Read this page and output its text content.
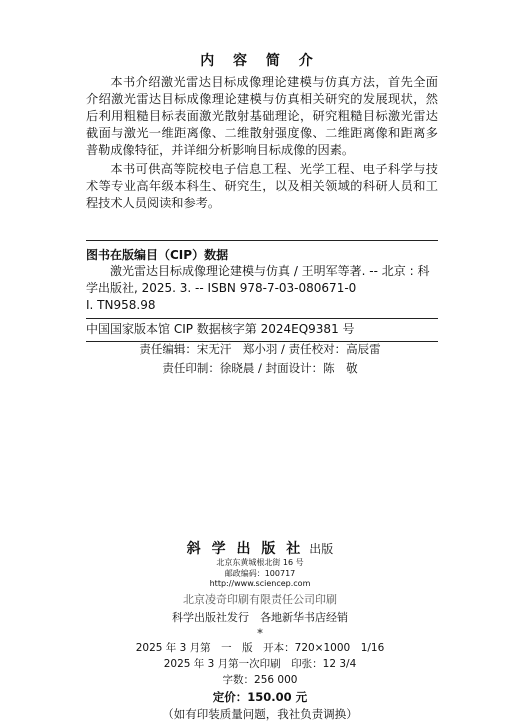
内 容 简 介

本书介绍激光雷达目标成像理论建模与仿真方法，首先全面介绍激光雷达目标成像理论建模与仿真相关研究的发展现状，然后利用粗糙目标表面激光散射基础理论，研究粗糙目标激光雷达截面与激光一维距离像、二维散射强度像、二维距离像和距离多普勒成像特征，并详细分析影响目标成像的因素。

本书可供高等院校电子信息工程、光学工程、电子科学与技术等专业高年级本科生、研究生，以及相关领域的科研人员和工程技术人员阅读和参考。

图书在版编目（CIP）数据
激光雷达目标成像理论建模与仿真 / 王明军等著. -- 北京 : 科学出版社, 2025. 3. -- ISBN 978-7-03-080671-0
Ⅰ. TN958.98
中国国家版本馆 CIP 数据核字第 2024EQ9381 号
责任编辑：宋无汗　郑小羽 / 责任校对：高辰雷
责任印制：徐晓晨 / 封面设计：陈　敬
斜 学 出 版 社 出版
北京东黄城根北街 16 号
邮政编码：100717
http://www.sciencep.com
北京凌奇印刷有限责任公司印刷
科学出版社发行　各地新华书店经销
*
2025 年 3 月第　一　版　开本：720×1000　1/16
2025 年 3 月第一次印刷　印张：12 3/4
字数：256 000
定价：150.00 元
（如有印装质量问题，我社负责调换）
